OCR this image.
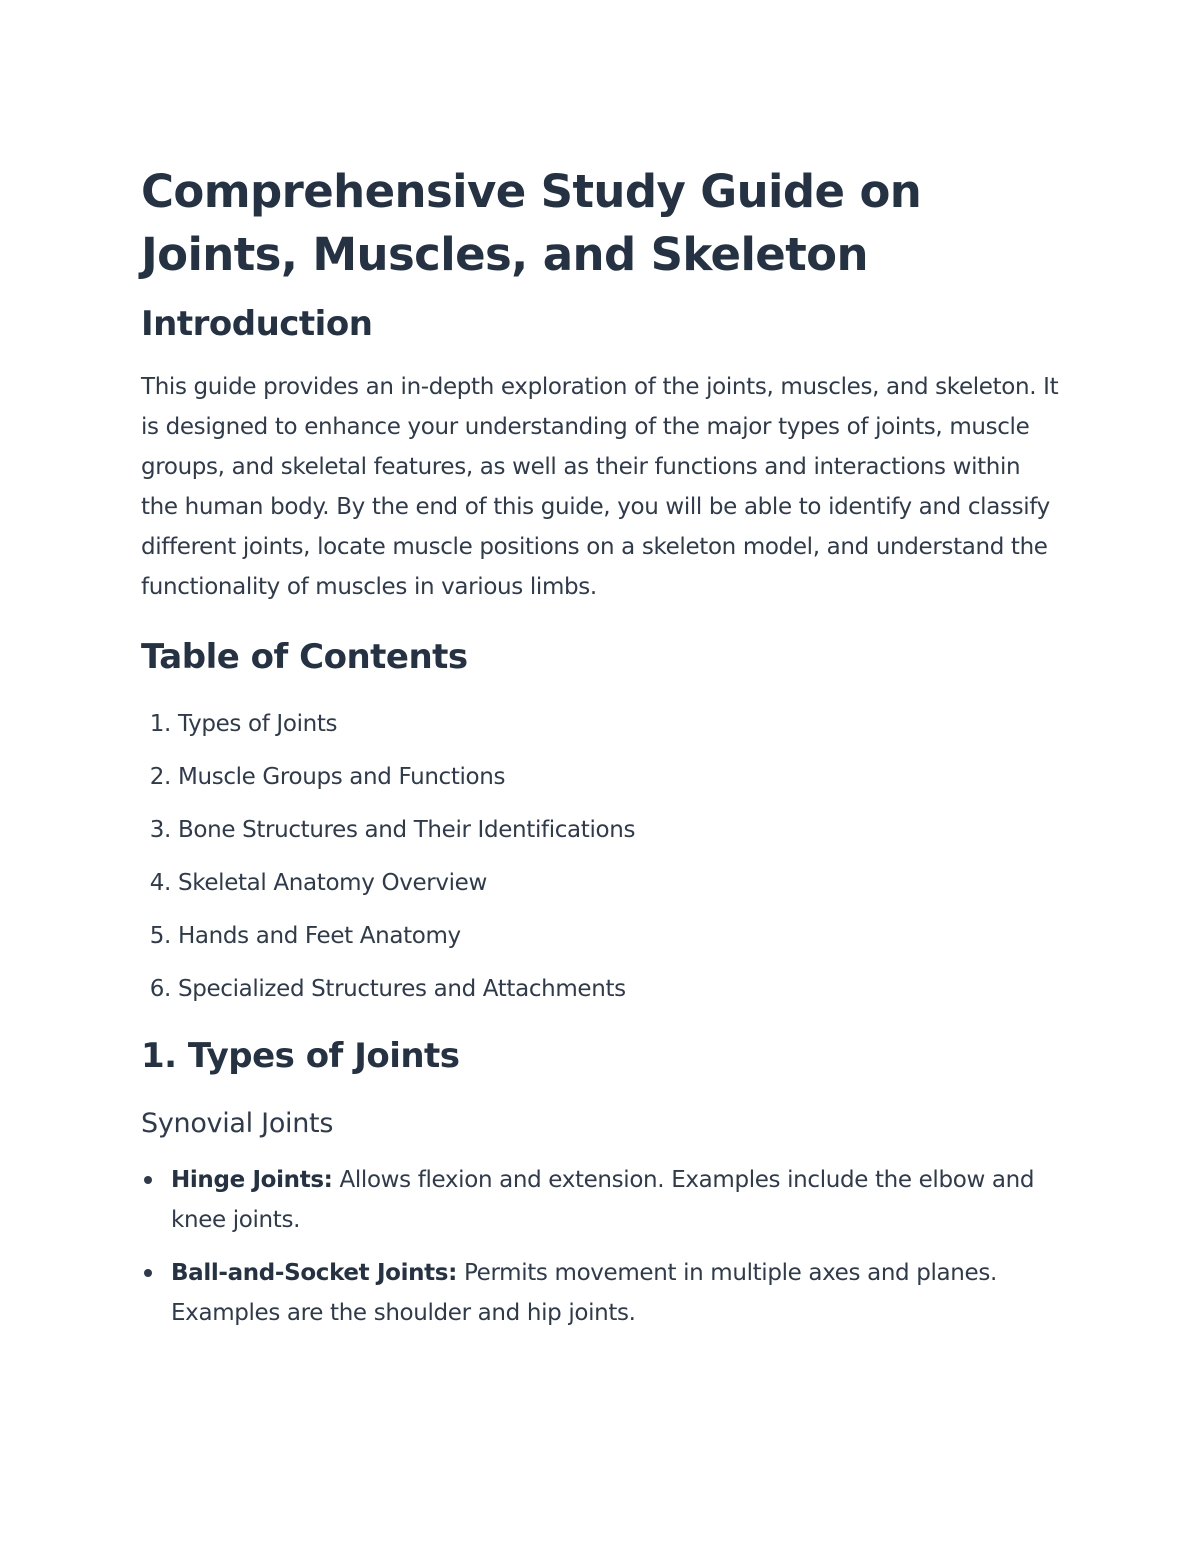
Comprehensive Study Guide on Joints, Muscles, and Skeleton
Introduction

This guide provides an in-depth exploration of the joints, muscles, and skeleton. It is designed to enhance your understanding of the major types of joints, muscle groups, and skeletal features, as well as their functions and interactions within the human body. By the end of this guide, you will be able to identify and classify different joints, locate muscle positions on a skeleton model, and understand the functionality of muscles in various limbs.

Table of Contents
1.
Types of Joints
2.
Muscle Groups and Functions
3.
Bone Structures and Their Identifications
4.
Skeletal Anatomy Overview
5.
Hands and Feet Anatomy
6.
Specialized Structures and Attachments
1. Types of Joints
Synovial Joints
Hinge Joints: Allows flexion and extension. Examples include the elbow and knee joints.
Ball-and-Socket Joints: Permits movement in multiple axes and planes. Examples are the shoulder and hip joints.
